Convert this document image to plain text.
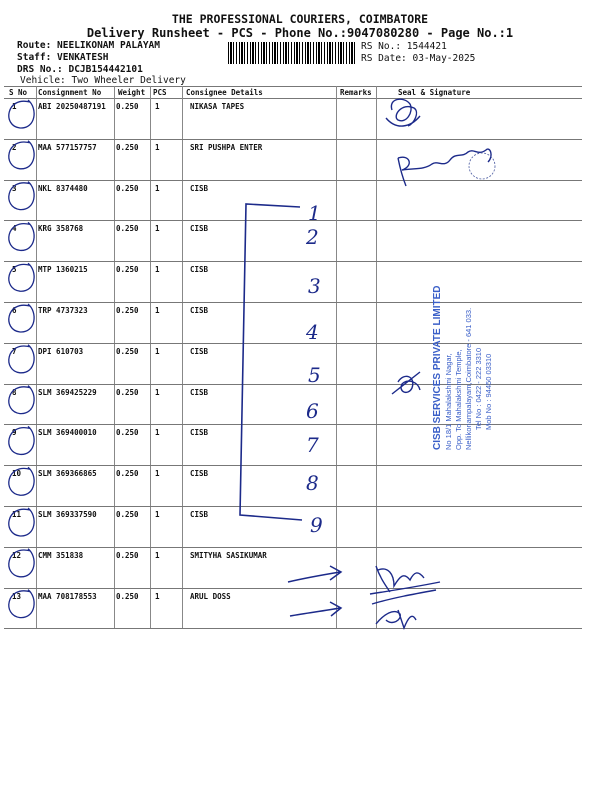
THE PROFESSIONAL COURIERS, COIMBATORE
Delivery Runsheet - PCS - Phone No.:9047080280 - Page No.:1
Route: NEELIKONAM PALAYAM
Staff: VENKATESH
DRS No.: DCJB154442101
Vehicle: Two Wheeler Delivery
RS No.: 1544421
RS Date: 03-May-2025
S No Consignment No Weight PCS	Consignee Details	Remarks	Seal & Signature
1	ABI 20250487191 0.250 1	NIKASA TAPES
2	MAA 577157757	0.250 1	SRI PUSHPA ENTER
3	NKL 8374480	0.250 1	CISB
4	KRG 358768	0.250 1	CISB
5	MTP 1360215	0.250 1	CISB
6	TRP 4737323	0.250 1	CISB
7	DPI 610703	0.250 1	CISB
8	SLM 369425229	0.250 1	CISB
9	SLM 369400010	0.250 1	CISB
10 SLM 369366865	0.250 1	CISB
11 SLM 369337590	0.250 1	CISB
12 CMM 351838	0.250 1	SMITYHA SASIKUMAR
13 MAA 708178553	0.250 1	ARUL DOSS
1
2
3
4
5
6
7
8
9
CISB SERVICES PRIVATE LIMITED No 18/1 Mahalakshmi Nagar, Opp. To Mahalakshmi Temple, Nellikonampalayam,Coimbatore - 641 033. Tel No : 0422 - 222 3310 Mob No : 94450 03310
